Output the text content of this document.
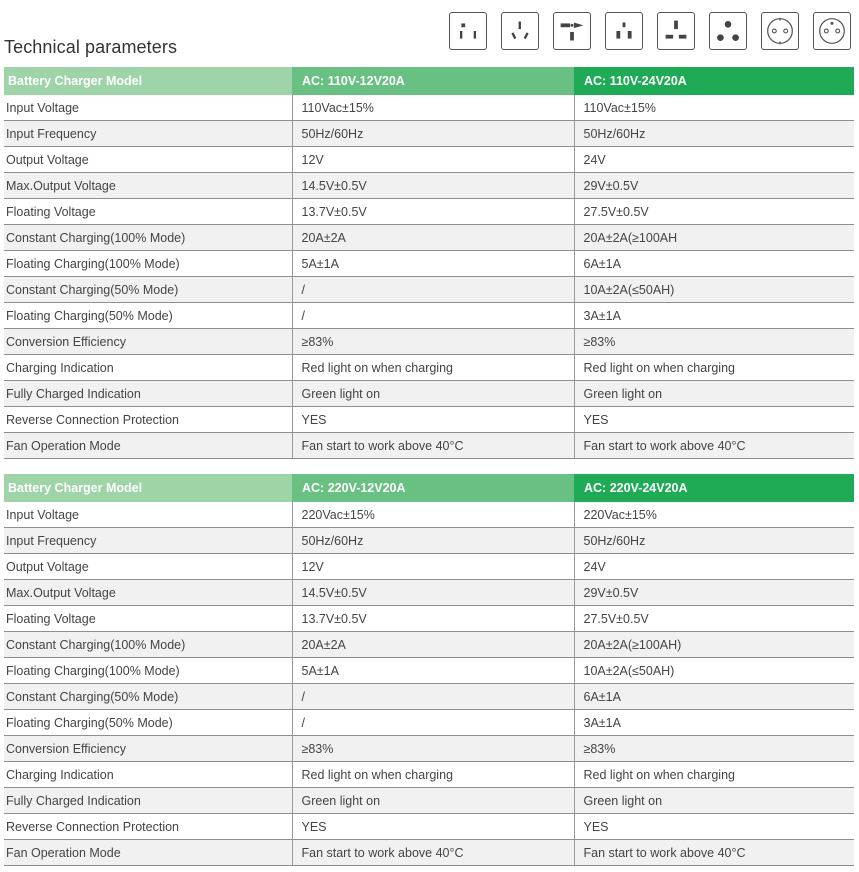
Technical parameters
Battery Charger Model	AC: 110V-12V20A	AC: 110V-24V20A
Input Voltage	110Vac±15%	110Vac±15%
Input Frequency	50Hz/60Hz	50Hz/60Hz
Output Voltage	12V	24V
Max.Output Voltage	14.5V±0.5V	29V±0.5V
Floating Voltage	13.7V±0.5V	27.5V±0.5V
Constant Charging(100% Mode)	20A±2A	20A±2A(≥100AH
Floating Charging(100% Mode)	5A±1A	6A±1A
Constant Charging(50% Mode)	/	10A±2A(≤50AH)
Floating Charging(50% Mode)	/	3A±1A
Conversion Efficiency	≥83%	≥83%
Charging Indication	Red light on when charging	Red light on when charging
Fully Charged Indication	Green light on	Green light on
Reverse Connection Protection	YES	YES
Fan Operation Mode	Fan start to work above 40°C	Fan start to work above 40°C
Battery Charger Model	AC: 220V-12V20A	AC: 220V-24V20A
Input Voltage	220Vac±15%	220Vac±15%
Input Frequency	50Hz/60Hz	50Hz/60Hz
Output Voltage	12V	24V
Max.Output Voltage	14.5V±0.5V	29V±0.5V
Floating Voltage	13.7V±0.5V	27.5V±0.5V
Constant Charging(100% Mode)	20A±2A	20A±2A(≥100AH)
Floating Charging(100% Mode)	5A±1A	10A±2A(≤50AH)
Constant Charging(50% Mode)	/	6A±1A
Floating Charging(50% Mode)	/	3A±1A
Conversion Efficiency	≥83%	≥83%
Charging Indication	Red light on when charging	Red light on when charging
Fully Charged Indication	Green light on	Green light on
Reverse Connection Protection	YES	YES
Fan Operation Mode	Fan start to work above 40°C	Fan start to work above 40°C
